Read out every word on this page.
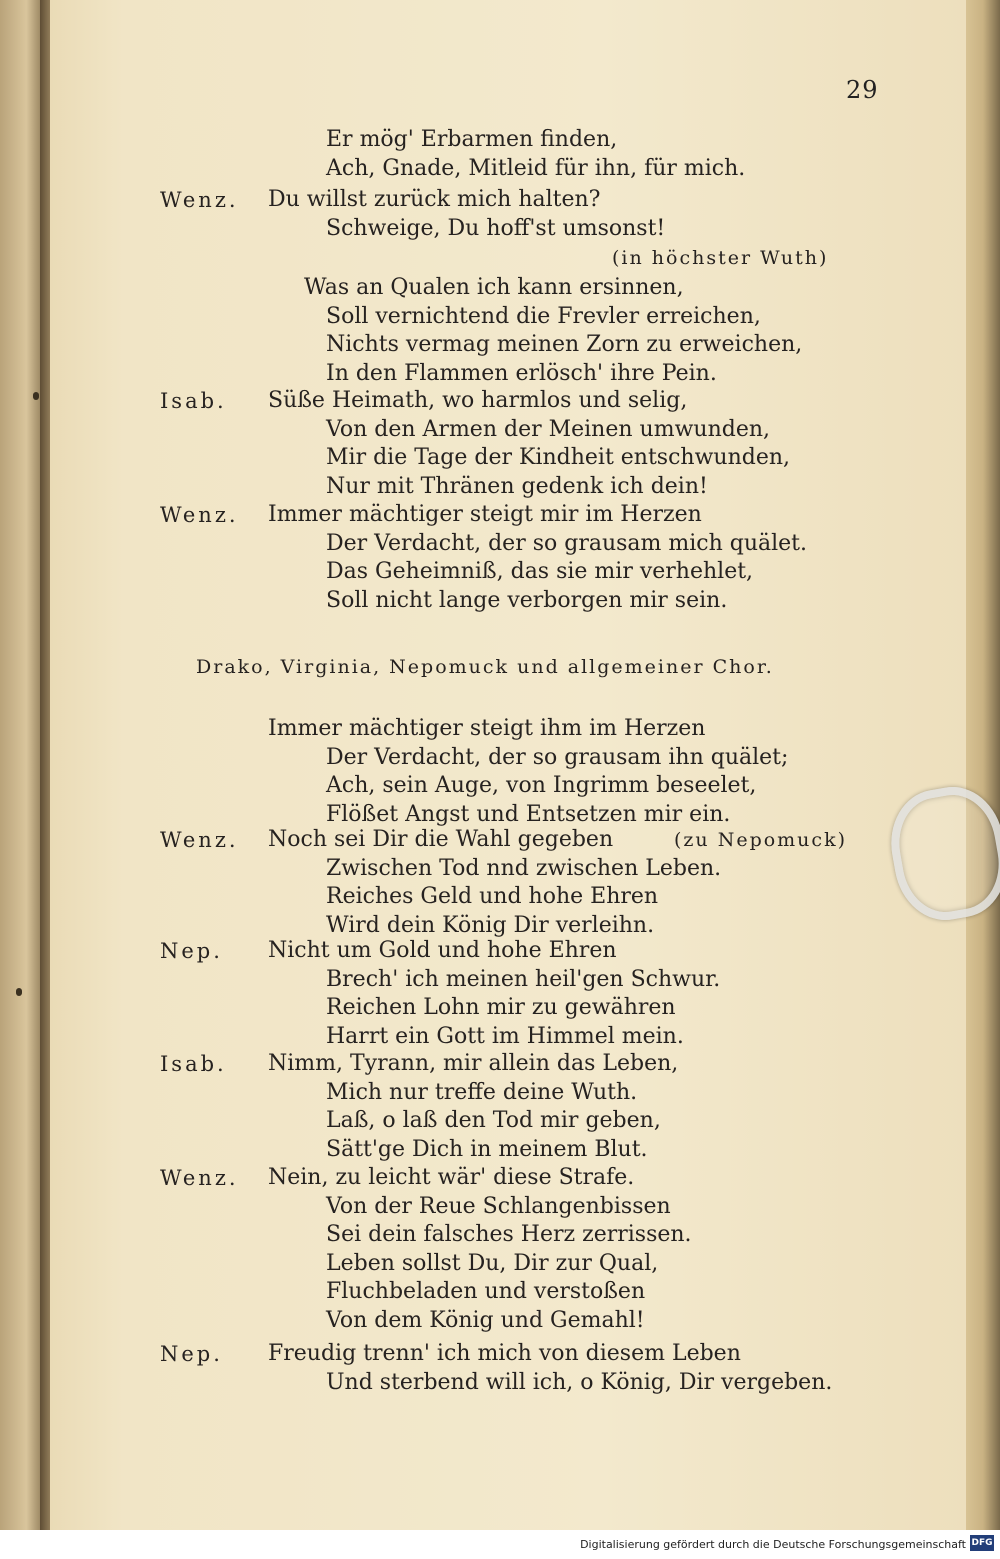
29
Er mög' Erbarmen finden,
Ach, Gnade, Mitleid für ihn, für mich.
Wenz. Du willst zurück mich halten?
Schweige, Du hoff'st umsonst!
(in höchster Wuth)
Was an Qualen ich kann ersinnen,
Soll vernichtend die Frevler erreichen,
Nichts vermag meinen Zorn zu erweichen,
In den Flammen erlösch' ihre Pein.
Isab. Süße Heimath, wo harmlos und selig,
Von den Armen der Meinen umwunden,
Mir die Tage der Kindheit entschwunden,
Nur mit Thränen gedenk ich dein!
Wenz. Immer mächtiger steigt mir im Herzen
Der Verdacht, der so grausam mich quälet.
Das Geheimniß, das sie mir verhehlet,
Soll nicht lange verborgen mir sein.
Immer mächtiger steigt ihm im Herzen
Der Verdacht, der so grausam ihn quälet;
Ach, sein Auge, von Ingrimm beseelet,
Flößet Angst und Entsetzen mir ein.
Wenz.	(zu Nepomuck)
Noch sei Dir die Wahl gegeben
Zwischen Tod nnd zwischen Leben.
Reiches Geld und hohe Ehren
Wird dein König Dir verleihn.
Nep. Nicht um Gold und hohe Ehren
Brech' ich meinen heil'gen Schwur.
Reichen Lohn mir zu gewähren
Harrt ein Gott im Himmel mein.
Isab. Nimm, Tyrann, mir allein das Leben,
Mich nur treffe deine Wuth.
Laß, o laß den Tod mir geben,
Sätt'ge Dich in meinem Blut.
Wenz. Nein, zu leicht wär' diese Strafe.
Von der Reue Schlangenbissen
Sei dein falsches Herz zerrissen.
Leben sollst Du, Dir zur Qual,
Fluchbeladen und verstoßen
Von dem König und Gemahl!
Nep. Freudig trenn' ich mich von diesem Leben
Und sterbend will ich, o König, Dir vergeben.
Drako, Virginia, Nepomuck und allgemeiner Chor.
Digitalisierung gefördert durch die Deutsche Forschungsgemeinschaft DFG
